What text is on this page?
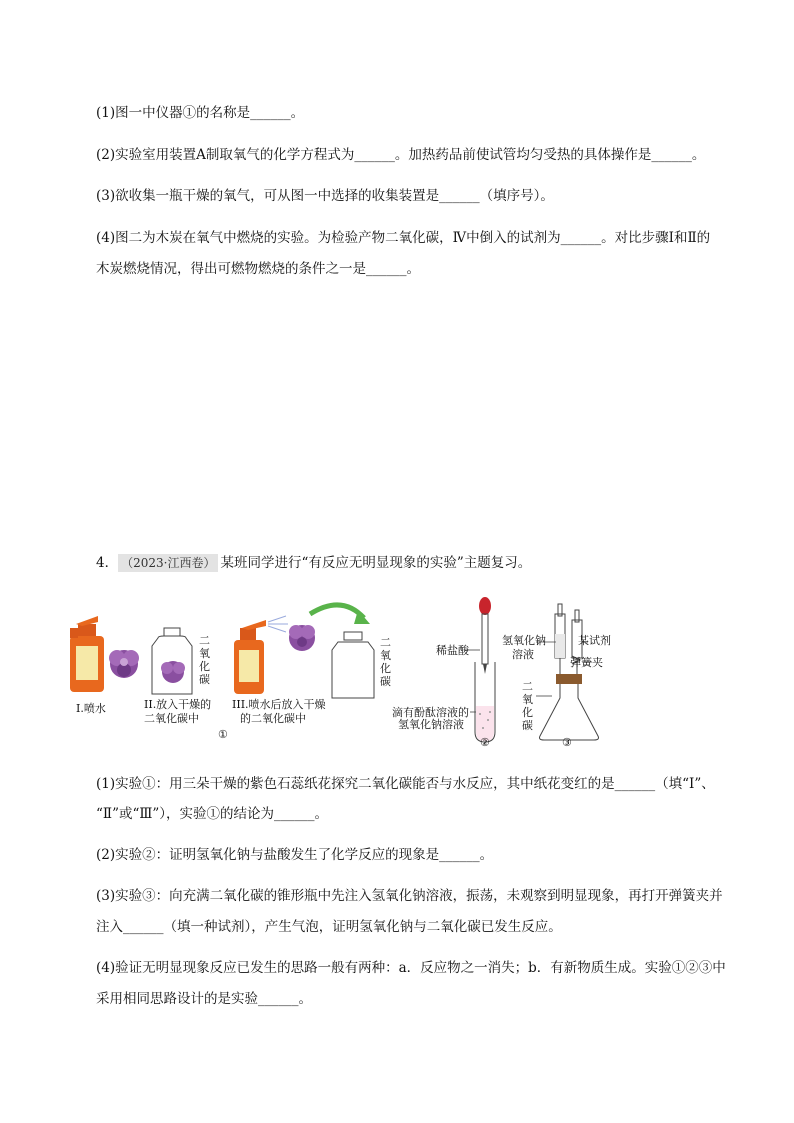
(1)图一中仪器①的名称是______。
(2)实验室用装置A制取氧气的化学方程式为______。加热药品前使试管均匀受热的具体操作是______。
(3)欲收集一瓶干燥的氧气，可从图一中选择的收集装置是______（填序号）。
(4)图二为木炭在氧气中燃烧的实验。为检验产物二氧化碳，Ⅳ中倒入的试剂为______。对比步骤Ⅰ和Ⅱ的
木炭燃烧情况，得出可燃物燃烧的条件之一是______。
4． （2023·江西卷） 某班同学进行“有反应无明显现象的实验”主题复习。
二氧化碳
二氧化碳
I.喷水	II.放入干燥的
二氧化碳中
III.喷水后放入干燥
的二氧化碳中
①
稀盐酸
滴有酚酞溶液的
氢氧化钠溶液
②
氢氧化钠
溶液
某试剂
弹簧夹
二氧化碳
③
(1)实验①：用三朵干燥的紫色石蕊纸花探究二氧化碳能否与水反应，其中纸花变红的是______（填“Ⅰ”、
“Ⅱ”或“Ⅲ”），实验①的结论为______。
(2)实验②：证明氢氧化钠与盐酸发生了化学反应的现象是______。
(3)实验③：向充满二氧化碳的锥形瓶中先注入氢氧化钠溶液，振荡，未观察到明显现象，再打开弹簧夹并
注入______（填一种试剂），产生气泡，证明氢氧化钠与二氧化碳已发生反应。
(4)验证无明显现象反应已发生的思路一般有两种：a．反应物之一消失；b．有新物质生成。实验①②③中
采用相同思路设计的是实验______。
